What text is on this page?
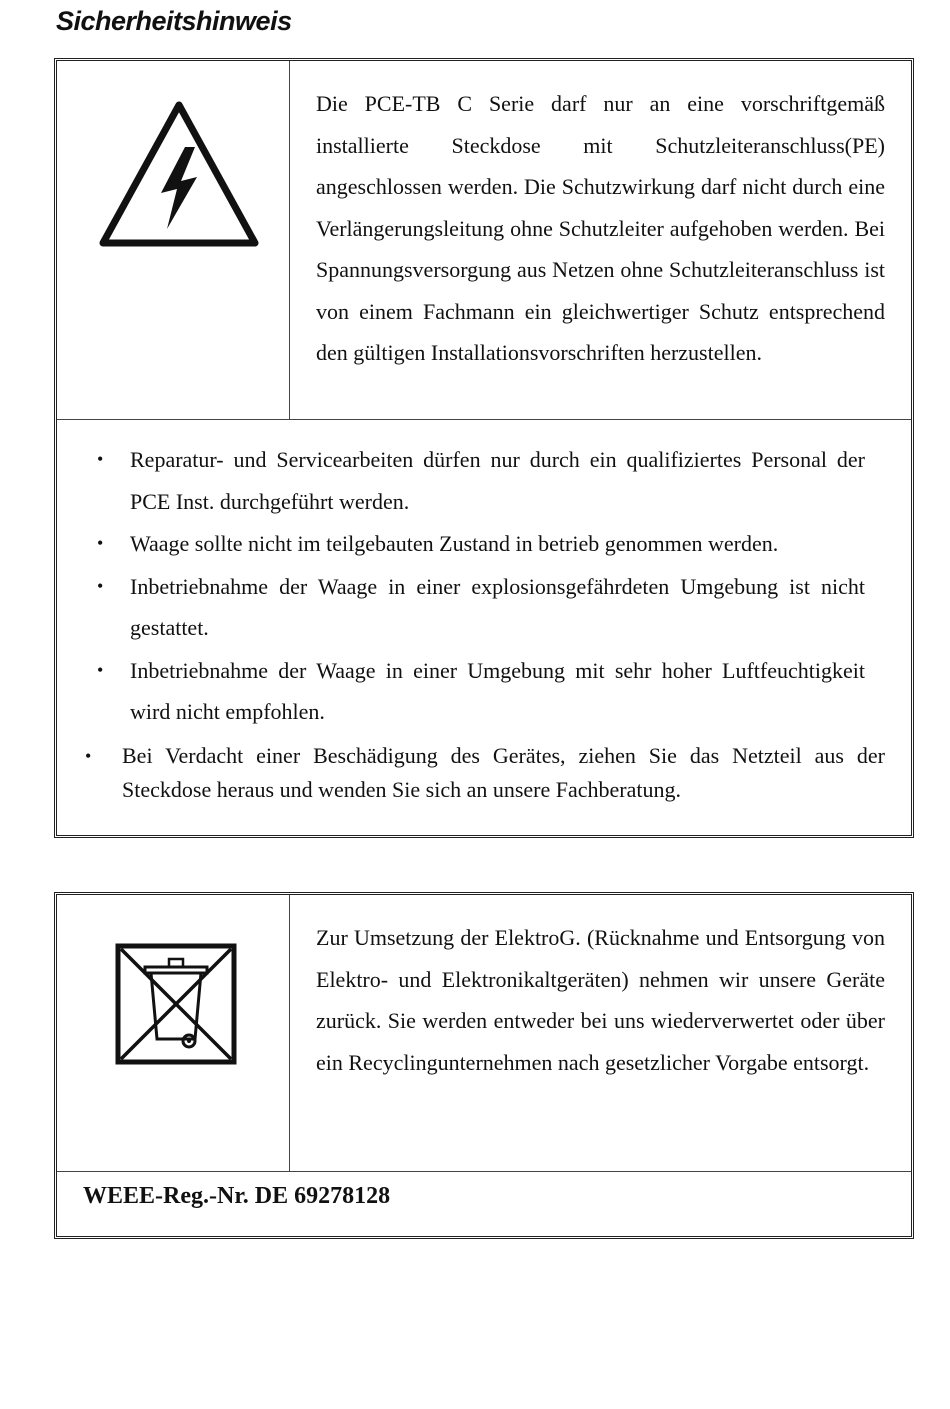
Sicherheitshinweis
Die PCE-TB C Serie darf nur an eine vorschriftgemäß installierte Steckdose mit Schutzleiteranschluss(PE) angeschlossen werden. Die Schutzwirkung darf nicht durch eine Verlängerungsleitung ohne Schutzleiter aufgehoben werden. Bei Spannungsversorgung aus Netzen ohne Schutzleiteranschluss ist von einem Fachmann ein gleichwertiger Schutz entsprechend den gültigen Installationsvorschriften herzustellen.
• Reparatur- und Servicearbeiten dürfen nur durch ein qualifiziertes Personal der PCE Inst. durchgeführt werden.
• Waage sollte nicht im teilgebauten Zustand in betrieb genommen werden.
• Inbetriebnahme der Waage in einer explosionsgefährdeten Umgebung ist nicht gestattet.
• Inbetriebnahme der Waage in einer Umgebung mit sehr hoher Luftfeuchtigkeit wird nicht empfohlen.
• Bei Verdacht einer Beschädigung des Gerätes, ziehen Sie das Netzteil aus der Steckdose heraus und wenden Sie sich an unsere Fachberatung.
Zur Umsetzung der ElektroG. (Rücknahme und Entsorgung von Elektro- und Elektronikaltgeräten) nehmen wir unsere Geräte zurück. Sie werden entweder bei uns wiederverwertet oder über ein Recyclingunternehmen nach gesetzlicher Vorgabe entsorgt.
WEEE-Reg.-Nr. DE 69278128
